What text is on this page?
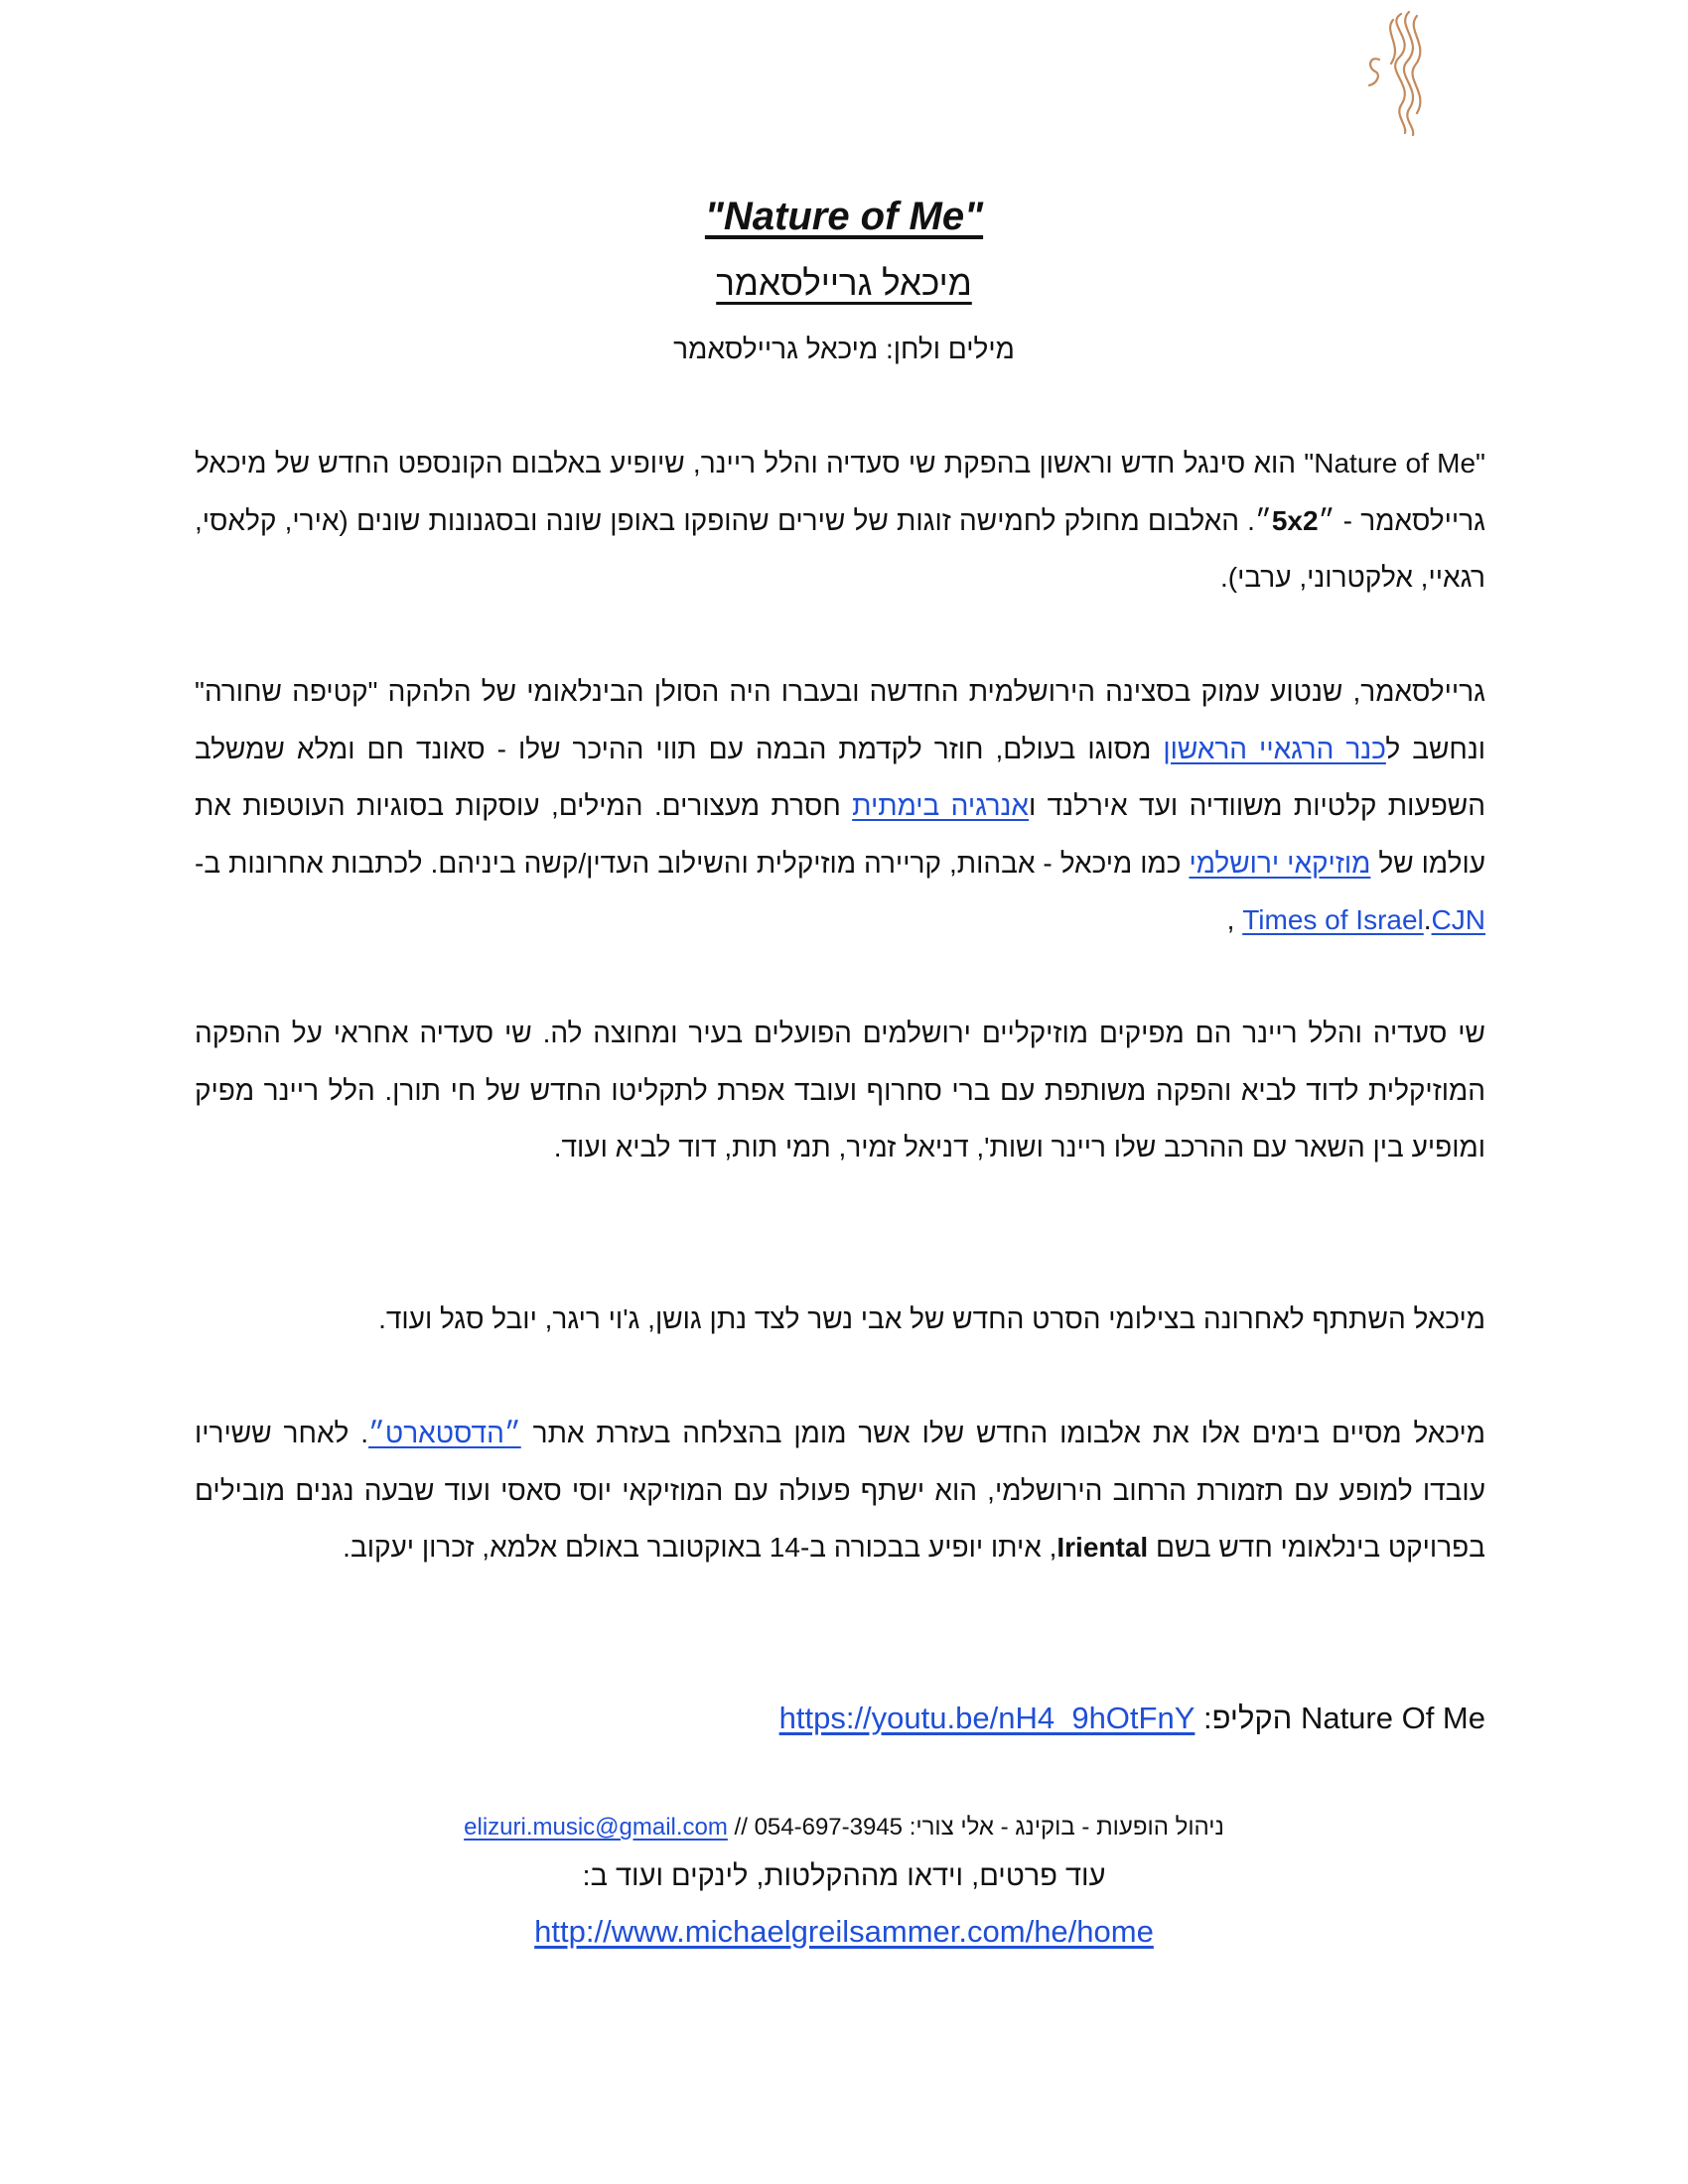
"Nature of Me"
מיכאל גריילסאמר
מילים ולחן: מיכאל גריילסאמר

"Nature of Me" הוא סינגל חדש וראשון בהפקת שי סעדיה והלל ריינר, שיופיע באלבום הקונספט החדש של מיכאל גריילסאמר - ״5x2״. האלבום מחולק לחמישה זוגות של שירים שהופקו באופן שונה ובסגנונות שונים (אירי, קלאסי, רגאיי, אלקטרוני, ערבי).

גריילסאמר, שנטוע עמוק בסצינה הירושלמית החדשה ובעברו היה הסולן הבינלאומי של הלהקה "קטיפה שחורה" ונחשב לכנר הרגאיי הראשון מסוגו בעולם, חוזר לקדמת הבמה עם תווי ההיכר שלו - סאונד חם ומלא שמשלב השפעות קלטיות משוודיה ועד אירלנד ואנרגיה בימתית חסרת מעצורים. המילים, עוסקות בסוגיות העוטפות את עולמו של מוזיקאי ירושלמי כמו מיכאל - אבהות, קריירה מוזיקלית והשילוב העדין/קשה ביניהם. לכתבות אחרונות ב-Times of Israel.CJN ,

שי סעדיה והלל ריינר הם מפיקים מוזיקליים ירושלמים הפועלים בעיר ומחוצה לה. שי סעדיה אחראי על ההפקה המוזיקלית לדוד לביא והפקה משותפת עם ברי סחרוף ועובד אפרת לתקליטו החדש של חי תורן. הלל ריינר מפיק ומופיע בין השאר עם ההרכב שלו ריינר ושות', דניאל זמיר, תמי תות, דוד לביא ועוד.

מיכאל השתתף לאחרונה בצילומי הסרט החדש של אבי נשר לצד נתן גושן, ג'וי ריגר, יובל סגל ועוד.

מיכאל מסיים בימים אלו את אלבומו החדש שלו אשר מומן בהצלחה בעזרת אתר ״הדסטארט״. לאחר ששיריו עובדו למופע עם תזמורת הרחוב הירושלמי, הוא ישתף פעולה עם המוזיקאי יוסי סאסי ועוד שבעה נגנים מובילים בפרויקט בינלאומי חדש בשם Iriental, איתו יופיע בבכורה ב-14 באוקטובר באולם אלמא, זכרון יעקוב.

Nature Of Me הקליפ: https://youtu.be/nH4_9hOtFnY

ניהול הופעות - בוקינג - אלי צורי: 054-697-3945 // elizuri.music@gmail.com
עוד פרטים, וידאו מההקלטות, לינקים ועוד ב:
http://www.michaelgreilsammer.com/he/home
